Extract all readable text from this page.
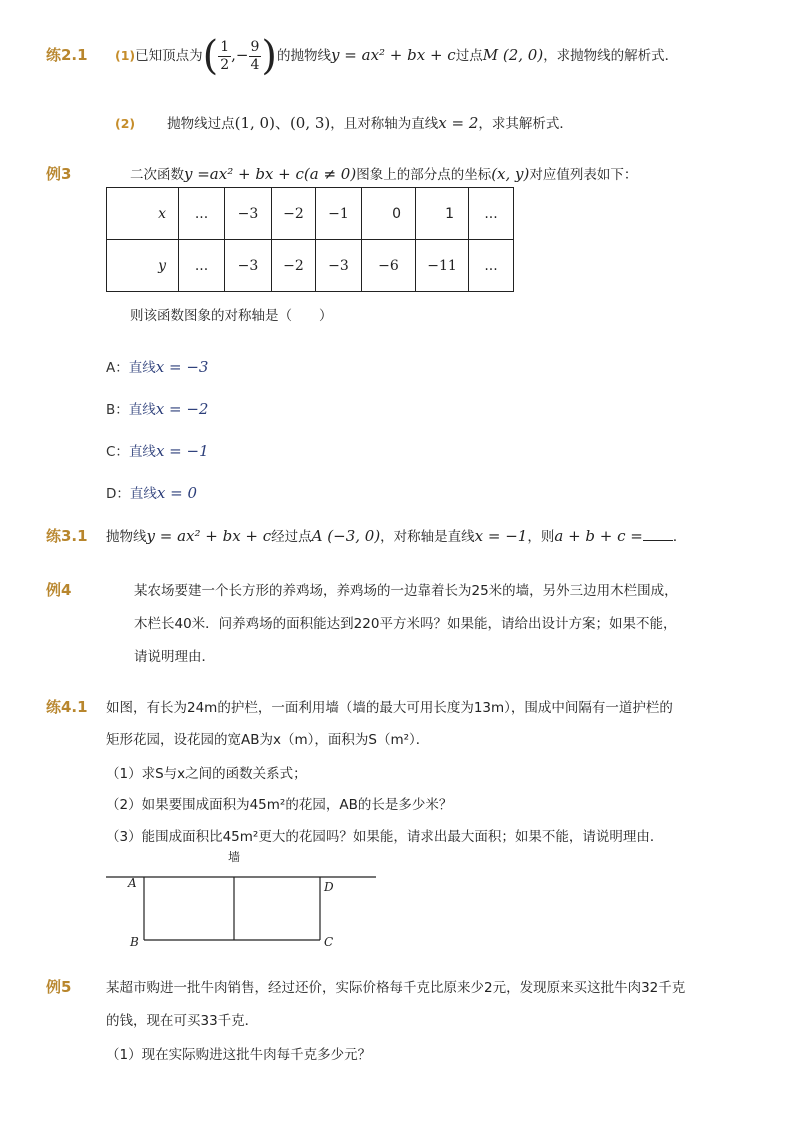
练2.1 (1)已知顶点为( $\frac{1}{2}$ ,− $\frac{9}{4}$ )的抛物线y = ax² + bx + c过点M (2, 0)，求抛物线的解析式．
(2) 抛物线过点(1, 0)、(0, 3)，且对称轴为直线x = 2，求其解析式．
例3	二次函数y =ax² + bx + c(a ≠ 0)图象上的部分点的坐标(x, y)对应值列表如下：
x	...	−3	−2	−1	0	1	...
y	...	−3	−2	−3	−6	−11	...
则该函数图象的对称轴是（　　）
A：直线x = −3
B：直线x = −2
C：直线x = −1
D：直线x = 0
练3.1 抛物线y = ax² + bx + c经过点A (−3, 0)，对称轴是直线x = −1，则a + b + c = ．
例4	某农场要建一个长方形的养鸡场，养鸡场的一边靠着长为25米的墙，另外三边用木栏围成，
木栏长40米．问养鸡场的面积能达到220平方米吗？如果能，请给出设计方案；如果不能，
请说明理由．
练4.1 如图，有长为24m的护栏，一面利用墙（墙的最大可用长度为13m），围成中间隔有一道护栏的
矩形花园，设花园的宽AB为x（m），面积为S（m²）．
（1）求S与x之间的函数关系式；
（2）如果要围成面积为45m²的花园，AB的长是多少米？
（3）能围成面积比45m²更大的花园吗？如果能，请求出最大面积；如果不能，请说明理由．
墙
A
B	C
D
例5	某超市购进一批牛肉销售，经过还价，实际价格每千克比原来少2元，发现原来买这批牛肉32千克
的钱，现在可买33千克．
（1）现在实际购进这批牛肉每千克多少元？
